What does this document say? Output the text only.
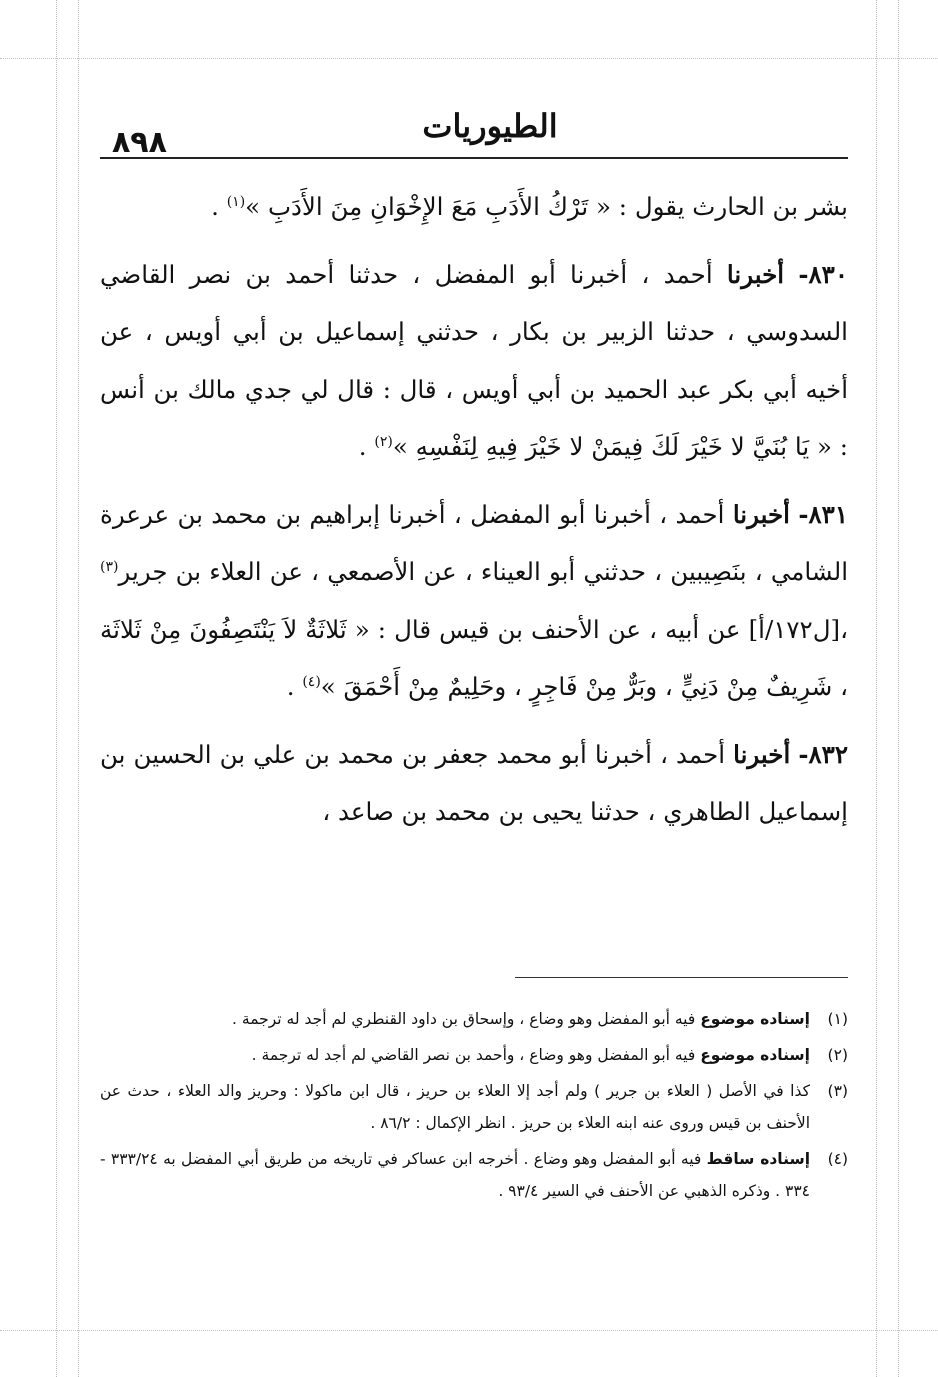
٨٩٨	الطيوريات

بشر بن الحارث يقول : « تَرْكُ الأَدَبِ مَعَ الإِخْوَانِ مِنَ الأَدَبِ »$^{(١)}$ .

٨٣٠- أخبرنا أحمد ، أخبرنا أبو المفضل ، حدثنا أحمد بن نصر القاضي السدوسي ، حدثنا الزبير بن بكار ، حدثني إسماعيل بن أبي أويس ، عن أخيه أبي بكر عبد الحميد بن أبي أويس ، قال : قال لي جدي مالك بن أنس : « يَا بُنَيَّ لا خَيْرَ لَكَ فِيمَنْ لا خَيْرَ فِيهِ لِنَفْسِهِ »$^{(٢)}$ .

٨٣١- أخبرنا أحمد ، أخبرنا أبو المفضل ، أخبرنا إبراهيم بن محمد بن عرعرة الشامي ، بنَصِيبين ، حدثني أبو العيناء ، عن الأصمعي ، عن العلاء بن جرير$^{(٣)}$ ،[ل١٧٢/أ] عن أبيه ، عن الأحنف بن قيس قال : « ثَلاثَةٌ لاَ يَنْتَصِفُونَ مِنْ ثَلاثَة ، شَرِيفٌ مِنْ دَنِيٍّ ، وبَرٌّ مِنْ فَاجِرٍ ، وحَلِيمٌ مِنْ أَحْمَقَ »$^{(٤)}$ .

٨٣٢- أخبرنا أحمد ، أخبرنا أبو محمد جعفر بن محمد بن علي بن الحسين بن إسماعيل الطاهري ، حدثنا يحيى بن محمد بن صاعد ،

(١)إسناده موضوع فيه أبو المفضل وهو وضاع ، وإسحاق بن داود القنطري لم أجد له ترجمة .

(٢)إسناده موضوع فيه أبو المفضل وهو وضاع ، وأحمد بن نصر القاضي لم أجد له ترجمة .

(٣)كذا في الأصل ( العلاء بن جرير ) ولم أجد إلا العلاء بن حريز ، قال ابن ماكولا : وحريز والد العلاء ، حدث عن الأحنف بن قيس وروى عنه ابنه العلاء بن حريز . انظر الإكمال : ٨٦/٢ .

(٤)إسناده ساقط فيه أبو المفضل وهو وضاع . أخرجه ابن عساكر في تاريخه من طريق أبي المفضل به ٣٣٣/٢٤ - ٣٣٤ . وذكره الذهبي عن الأحنف في السير ٩٣/٤ .
